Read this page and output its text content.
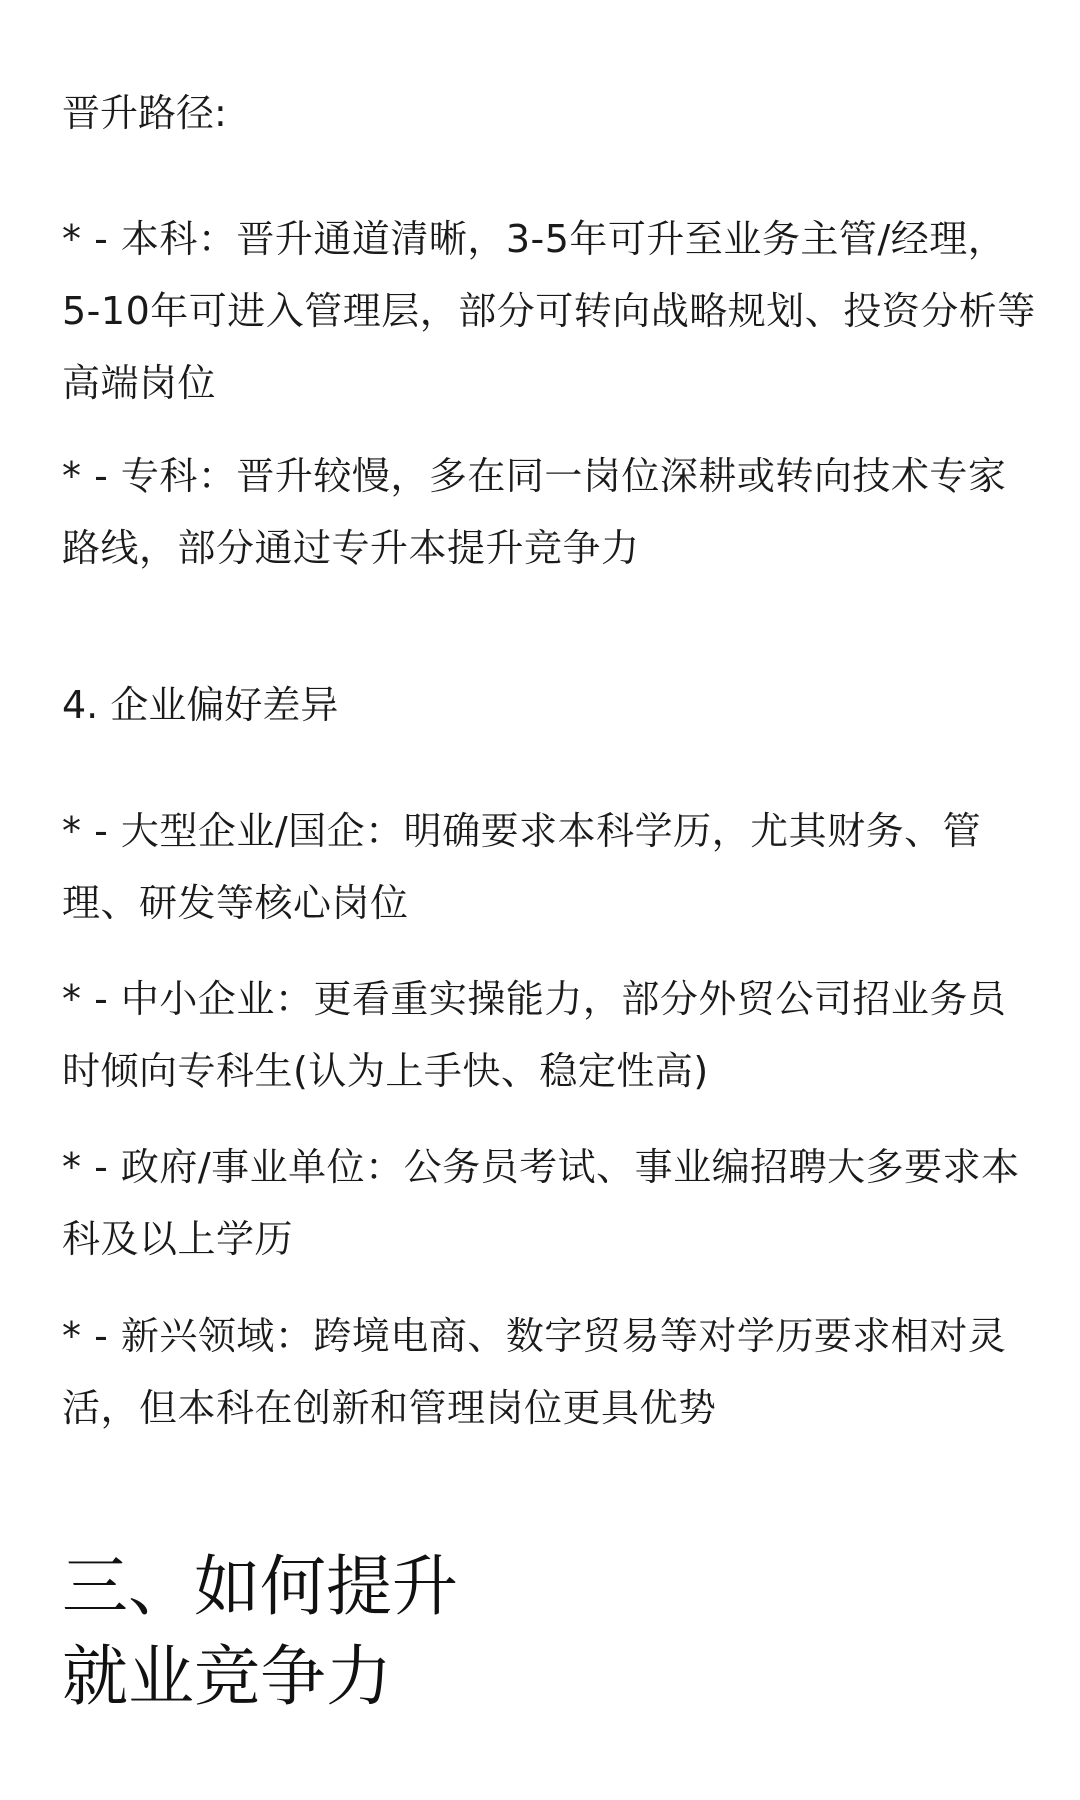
晋升路径:
* - 本科：晋升通道清晰，3-5年可升至业务主管/经理，5-10年可进入管理层，部分可转向战略规划、投资分析等高端岗位
* - 专科：晋升较慢，多在同一岗位深耕或转向技术专家路线，部分通过专升本提升竞争力
4. 企业偏好差异
* - 大型企业/国企：明确要求本科学历，尤其财务、管理、研发等核心岗位
* - 中小企业：更看重实操能力，部分外贸公司招业务员时倾向专科生(认为上手快、稳定性高)
* - 政府/事业单位：公务员考试、事业编招聘大多要求本科及以上学历
* - 新兴领域：跨境电商、数字贸易等对学历要求相对灵活，但本科在创新和管理岗位更具优势
三、如何提升
就业竞争力
